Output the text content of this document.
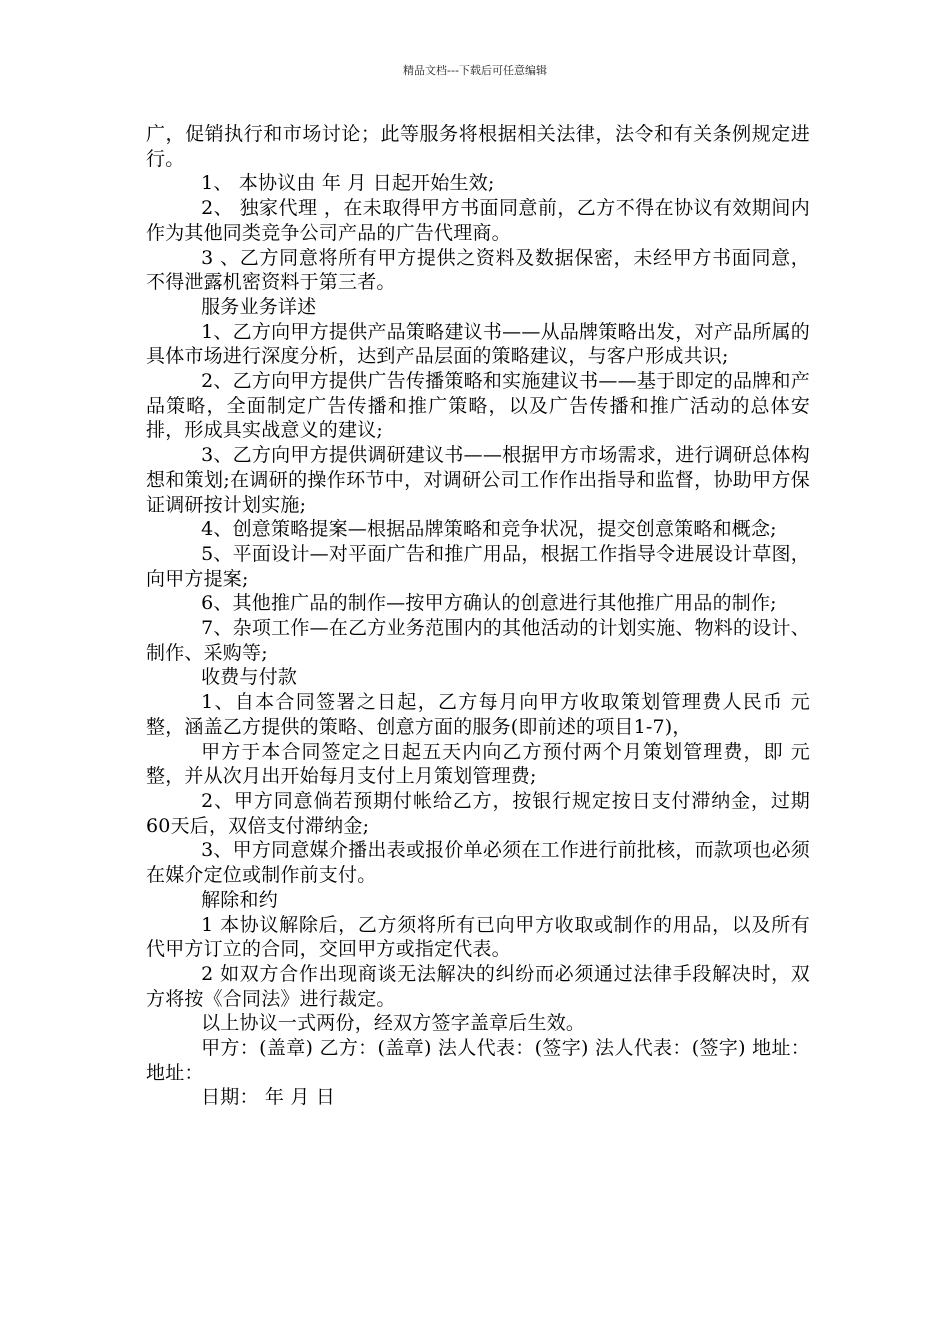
精品文档---下载后可任意编辑

广，促销执行和市场讨论；此等服务将根据相关法律，法令和有关条例规定进行。

1、 本协议由 年 月 日起开始生效;

2、 独家代理 ，在未取得甲方书面同意前，乙方不得在协议有效期间内作为其他同类竞争公司产品的广告代理商。

3 、乙方同意将所有甲方提供之资料及数据保密，未经甲方书面同意，不得泄露机密资料于第三者。

服务业务详述

1、乙方向甲方提供产品策略建议书——从品牌策略出发，对产品所属的具体市场进行深度分析，达到产品层面的策略建议，与客户形成共识;

2、乙方向甲方提供广告传播策略和实施建议书——基于即定的品牌和产品策略，全面制定广告传播和推广策略，以及广告传播和推广活动的总体安排，形成具实战意义的建议;

3、乙方向甲方提供调研建议书——根据甲方市场需求，进行调研总体构想和策划;在调研的操作环节中，对调研公司工作作出指导和监督，协助甲方保证调研按计划实施;

4、创意策略提案—根据品牌策略和竞争状况，提交创意策略和概念;

5、平面设计—对平面广告和推广用品，根据工作指导令进展设计草图，向甲方提案;

6、其他推广品的制作—按甲方确认的创意进行其他推广用品的制作;

7、杂项工作—在乙方业务范围内的其他活动的计划实施、物料的设计、制作、采购等;

收费与付款

1、自本合同签署之日起，乙方每月向甲方收取策划管理费人民币 元整，涵盖乙方提供的策略、创意方面的服务(即前述的项目1-7)，

甲方于本合同签定之日起五天内向乙方预付两个月策划管理费，即 元整，并从次月出开始每月支付上月策划管理费;

2、甲方同意倘若预期付帐给乙方，按银行规定按日支付滞纳金，过期60天后，双倍支付滞纳金;

3、甲方同意媒介播出表或报价单必须在工作进行前批核，而款项也必须在媒介定位或制作前支付。

解除和约

1 本协议解除后，乙方须将所有已向甲方收取或制作的用品，以及所有代甲方订立的合同，交回甲方或指定代表。

2 如双方合作出现商谈无法解决的纠纷而必须通过法律手段解决时，双方将按《合同法》进行裁定。

以上协议一式两份，经双方签字盖章后生效。

甲方：(盖章) 乙方：(盖章) 法人代表：(签字) 法人代表：(签字) 地址： 地址：

日期： 年 月 日
